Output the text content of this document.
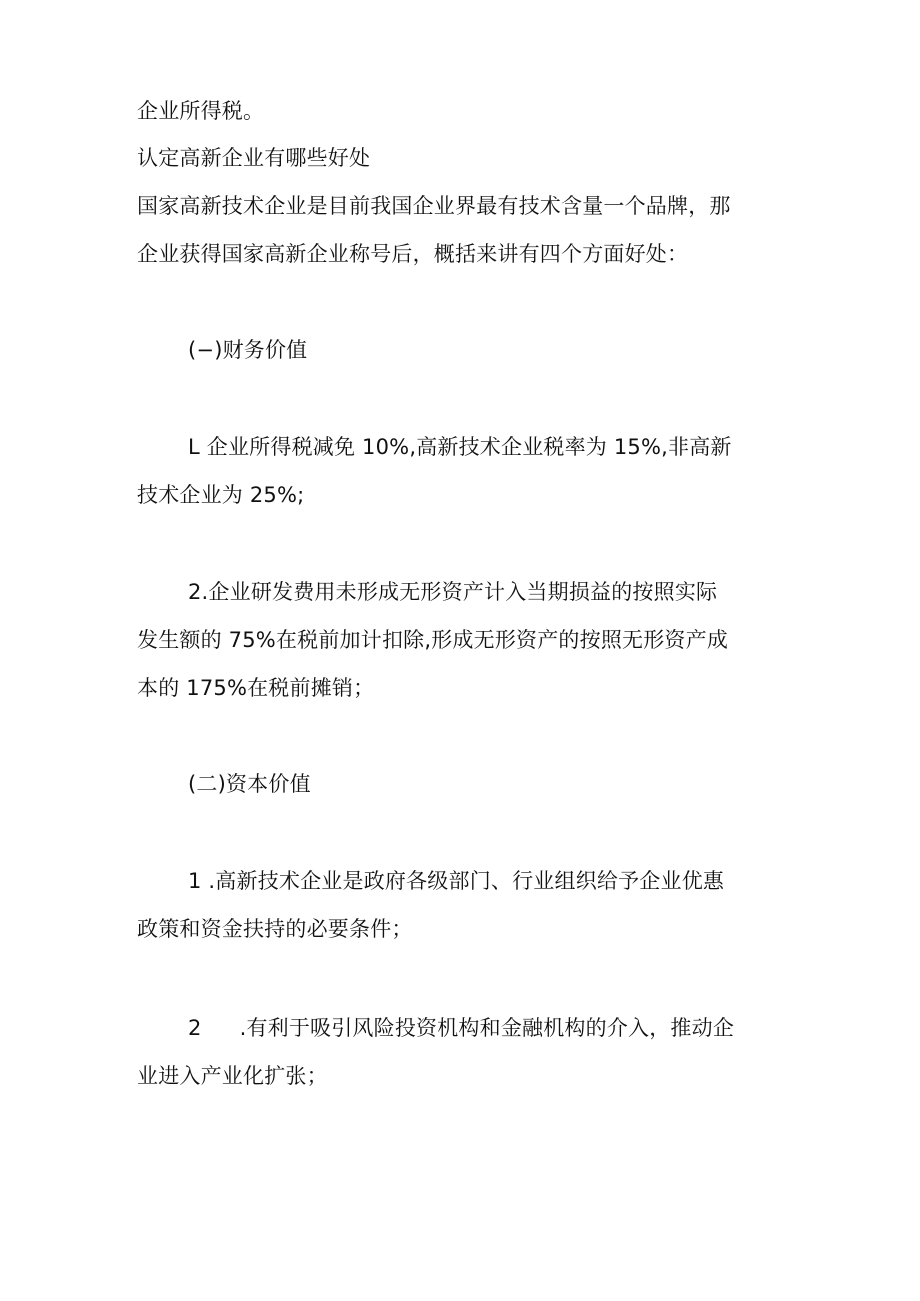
企业所得税。
认定高新企业有哪些好处
国家高新技术企业是目前我国企业界最有技术含量一个品牌，那
企业获得国家高新企业称号后，概括来讲有四个方面好处：
(−)财务价值
L 企业所得税减免 10%,高新技术企业税率为 15%,非高新
技术企业为 25%;
2.企业研发费用未形成无形资产计入当期损益的按照实际
发生额的 75%在税前加计扣除,形成无形资产的按照无形资产成
本的 175%在税前摊销；
(二)资本价值
1 .高新技术企业是政府各级部门、行业组织给予企业优惠
政策和资金扶持的必要条件；
2 .有利于吸引风险投资机构和金融机构的介入，推动企
业进入产业化扩张；
